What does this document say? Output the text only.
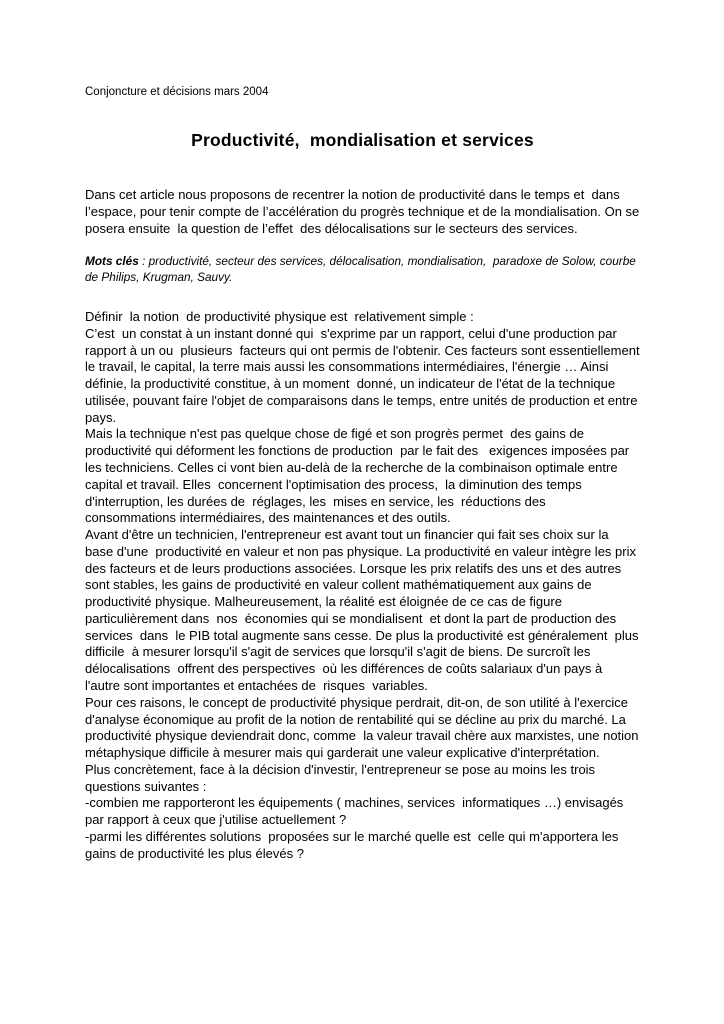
Conjoncture et décisions mars 2004
Productivité,  mondialisation et services

Dans cet article nous proposons de recentrer la notion de productivité dans le temps et  dans l’espace, pour tenir compte de l’accélération du progrès technique et de la mondialisation. On se posera ensuite  la question de l’effet  des délocalisations sur le secteurs des services.

Mots clés : productivité, secteur des services, délocalisation, mondialisation,  paradoxe de Solow, courbe de Philips, Krugman, Sauvy.

Définir  la notion  de productivité physique est  relativement simple :

C’est  un constat à un instant donné qui  s'exprime par un rapport, celui d'une production par rapport à un ou  plusieurs  facteurs qui ont permis de l'obtenir. Ces facteurs sont essentiellement le travail, le capital, la terre mais aussi les consommations intermédiaires, l'énergie … Ainsi définie, la productivité constitue, à un moment  donné, un indicateur de l'état de la technique utilisée, pouvant faire l'objet de comparaisons dans le temps, entre unités de production et entre pays.

Mais la technique n'est pas quelque chose de figé et son progrès permet  des gains de productivité qui déforment les fonctions de production  par le fait des   exigences imposées par les techniciens. Celles ci vont bien au-delà de la recherche de la combinaison optimale entre capital et travail. Elles  concernent l'optimisation des process,  la diminution des temps d'interruption, les durées de  réglages, les  mises en service, les  réductions des consommations intermédiaires, des maintenances et des outils.

Avant d'être un technicien, l'entrepreneur est avant tout un financier qui fait ses choix sur la base d'une  productivité en valeur et non pas physique. La productivité en valeur intègre les prix des facteurs et de leurs productions associées. Lorsque les prix relatifs des uns et des autres sont stables, les gains de productivité en valeur collent mathématiquement aux gains de productivité physique. Malheureusement, la réalité est éloignée de ce cas de figure particulièrement dans  nos  économies qui se mondialisent  et dont la part de production des  services  dans  le PIB total augmente sans cesse. De plus la productivité est généralement  plus difficile  à mesurer lorsqu'il s'agit de services que lorsqu'il s'agit de biens. De surcroît les délocalisations  offrent des perspectives  où les différences de coûts salariaux d'un pays à l'autre sont importantes et entachées de  risques  variables.

Pour ces raisons, le concept de productivité physique perdrait, dit-on, de son utilité à l'exercice d'analyse économique au profit de la notion de rentabilité qui se décline au prix du marché. La productivité physique deviendrait donc, comme  la valeur travail chère aux marxistes, une notion métaphysique difficile à mesurer mais qui garderait une valeur explicative d'interprétation.

Plus concrètement, face à la décision d'investir, l'entrepreneur se pose au moins les trois  questions suivantes :

-combien me rapporteront les équipements ( machines, services  informatiques …) envisagés par rapport à ceux que j'utilise actuellement ?

-parmi les différentes solutions  proposées sur le marché quelle est  celle qui m'apportera les gains de productivité les plus élevés ?
